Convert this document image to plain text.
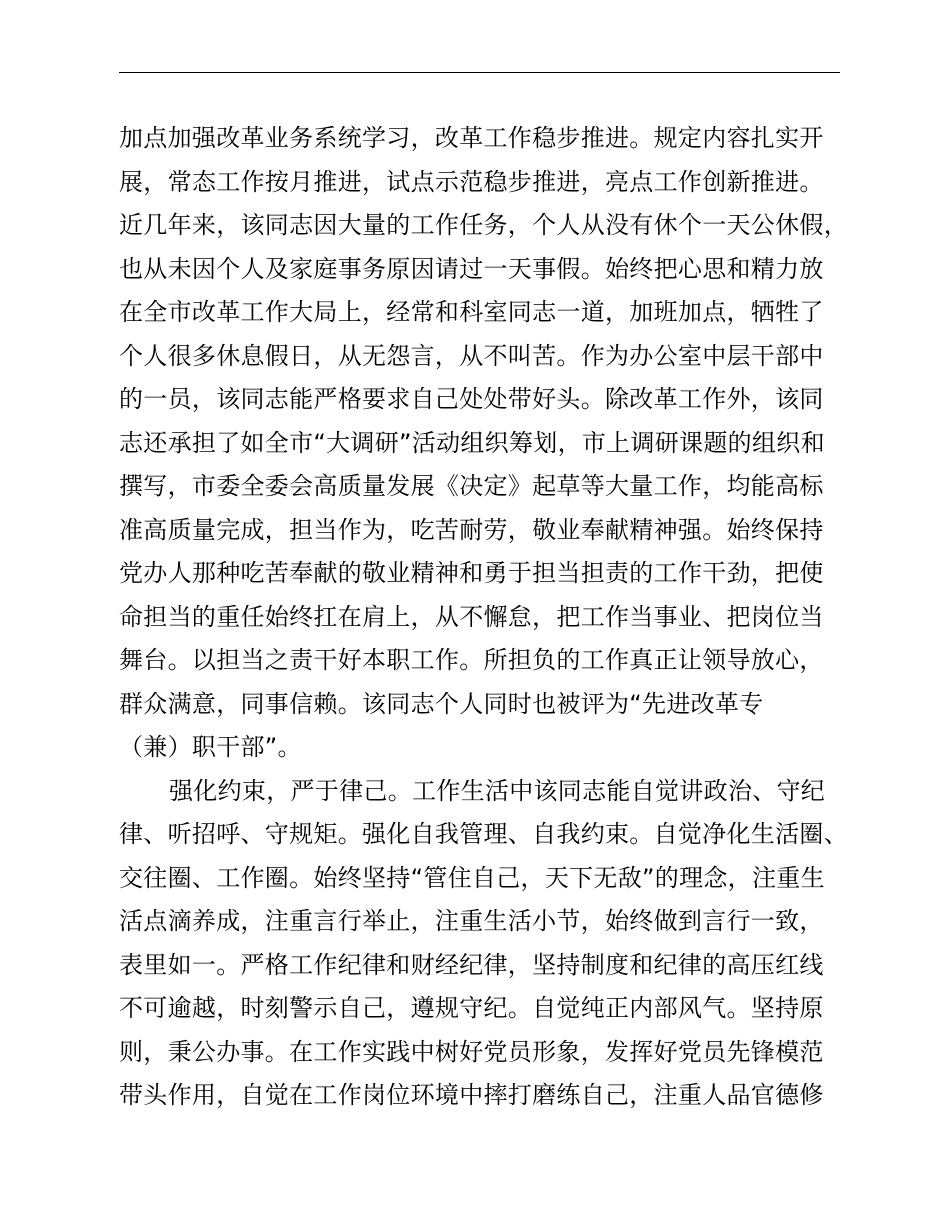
加点加强改革业务系统学习，改革工作稳步推进。规定内容扎实开
展，常态工作按月推进，试点示范稳步推进，亮点工作创新推进。
近几年来，该同志因大量的工作任务，个人从没有休个一天公休假，
也从未因个人及家庭事务原因请过一天事假。始终把心思和精力放
在全市改革工作大局上，经常和科室同志一道，加班加点，牺牲了
个人很多休息假日，从无怨言，从不叫苦。作为办公室中层干部中
的一员，该同志能严格要求自己处处带好头。除改革工作外，该同
志还承担了如全市“大调研”活动组织筹划，市上调研课题的组织和
撰写，市委全委会高质量发展《决定》起草等大量工作，均能高标
准高质量完成，担当作为，吃苦耐劳，敬业奉献精神强。始终保持
党办人那种吃苦奉献的敬业精神和勇于担当担责的工作干劲，把使
命担当的重任始终扛在肩上，从不懈怠，把工作当事业、把岗位当
舞台。以担当之责干好本职工作。所担负的工作真正让领导放心，
群众满意，同事信赖。该同志个人同时也被评为“先进改革专
（兼）职干部”。
强化约束，严于律己。工作生活中该同志能自觉讲政治、守纪
律、听招呼、守规矩。强化自我管理、自我约束。自觉净化生活圈、
交往圈、工作圈。始终坚持“管住自己，天下无敌”的理念，注重生
活点滴养成，注重言行举止，注重生活小节，始终做到言行一致，
表里如一。严格工作纪律和财经纪律，坚持制度和纪律的高压红线
不可逾越，时刻警示自己，遵规守纪。自觉纯正内部风气。坚持原
则，秉公办事。在工作实践中树好党员形象，发挥好党员先锋模范
带头作用，自觉在工作岗位环境中摔打磨练自己，注重人品官德修
